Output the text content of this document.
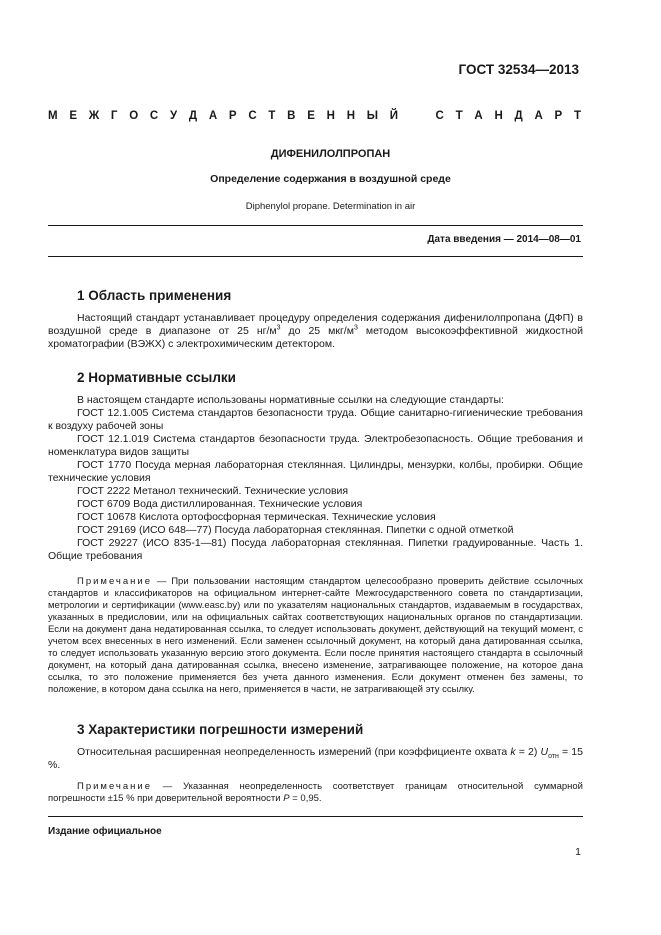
ГОСТ 32534—2013
М Е Ж Г О С У Д А Р С Т В Е Н Н Ы Й	С Т А Н Д А Р Т
ДИФЕНИЛОЛПРОПАН
Определение содержания в воздушной среде
Diphenylol propane. Determination in air
Дата введения — 2014—08—01
1 Область применения

Настоящий стандарт устанавливает процедуру определения содержания дифенилолпропана (ДФП) в воздушной среде в диапазоне от 25 $нг/м^3$ до 25 мкг/$м^3$ методом высокоэффективной жидкостной хроматографии (ВЭЖХ) с электрохимическим детектором.

2 Нормативные ссылки

В настоящем стандарте использованы нормативные ссылки на следующие стандарты:

ГОСТ 12.1.005 Система стандартов безопасности труда. Общие санитарно-гигиенические требования к воздуху рабочей зоны

ГОСТ 12.1.019 Система стандартов безопасности труда. Электробезопасность. Общие требования и номенклатура видов защиты

ГОСТ 1770 Посуда мерная лабораторная стеклянная. Цилиндры, мензурки, колбы, пробирки. Общие технические условия

ГОСТ 2222 Метанол технический. Технические условия

ГОСТ 6709 Вода дистиллированная. Технические условия

ГОСТ 10678 Кислота ортофосфорная термическая. Технические условия

ГОСТ 29169 (ИСО 648—77) Посуда лабораторная стеклянная. Пипетки с одной отметкой

ГОСТ 29227 (ИСО 835-1—81) Посуда лабораторная стеклянная. Пипетки градуированные. Часть 1. Общие требования

Примечание — При пользовании настоящим стандартом целесообразно проверить действие ссылочных стандартов и классификаторов на официальном интернет-сайте Межгосударственного совета по стандартизации, метрологии и сертификации (www.easc.by) или по указателям национальных стандартов, издаваемым в государствах, указанных в предисловии, или на официальных сайтах соответствующих национальных органов по стандартизации. Если на документ дана недатированная ссылка, то следует использовать документ, действующий на текущий момент, с учетом всех внесенных в него изменений. Если заменен ссылочный документ, на который дана датированная ссылка, то следует использовать указанную версию этого документа. Если после принятия настоящего стандарта в ссылочный документ, на который дана датированная ссылка, внесено изменение, затрагивающее положение, на которое дана ссылка, то это положение применяется без учета данного изменения. Если документ отменен без замены, то положение, в котором дана ссылка на него, применяется в части, не затрагивающей эту ссылку.

3 Характеристики погрешности измерений

Относительная расширенная неопределенность измерений (при коэффициенте охвата k = 2) $U_{отн} = 15$ %.

Примечание — Указанная неопределенность соответствует границам относительной суммарной погрешности ±15 % при доверительной вероятности P = 0,95.

Издание официальное
1
